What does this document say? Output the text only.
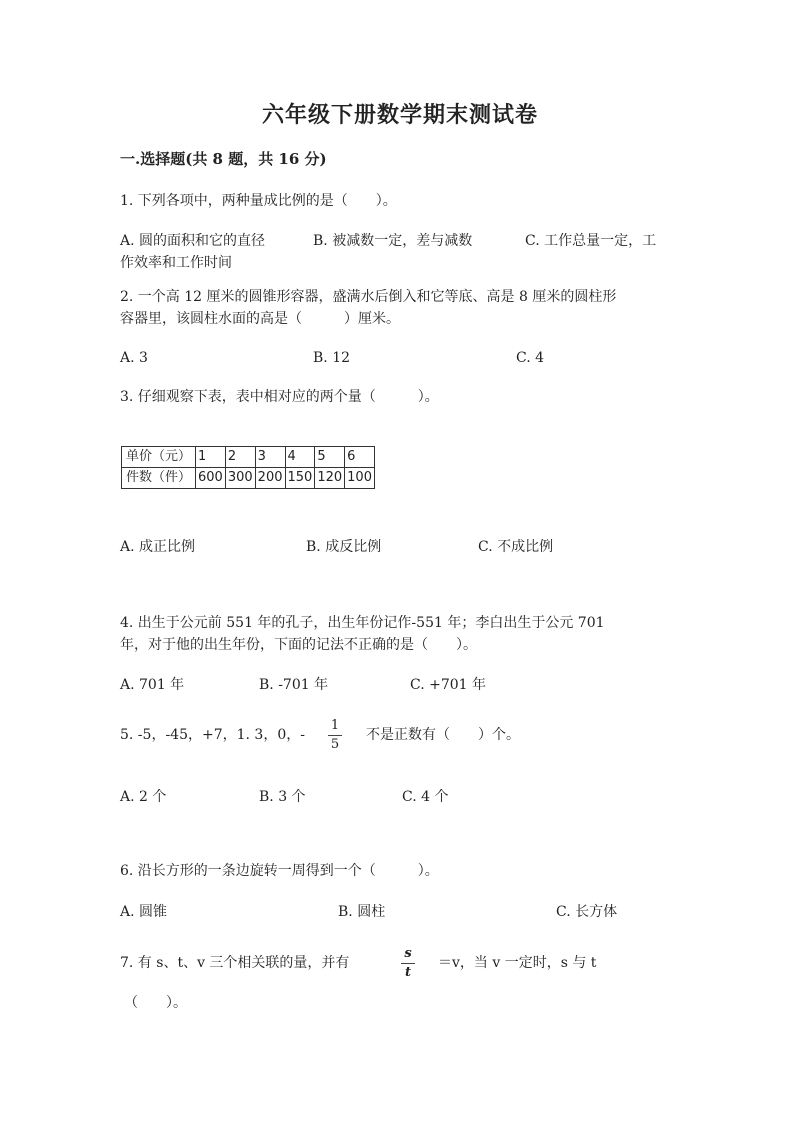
六年级下册数学期末测试卷
一.选择题(共 8 题，共 16 分)
1. 下列各项中，两种量成比例的是（　　）。
A. 圆的面积和它的直径	B. 被减数一定，差与减数	C. 工作总量一定，工
作效率和工作时间
2. 一个高 12 厘米的圆锥形容器，盛满水后倒入和它等底、高是 8 厘米的圆柱形
容器里，该圆柱水面的高是（　　　）厘米。
A. 3	B. 12	C. 4
3. 仔细观察下表，表中相对应的两个量（　　　）。
单价（元）	1	2	3	4	5	6
件数（件）	600	300	200	150	120	100
A. 成正比例	B. 成反比例	C. 不成比例
4. 出生于公元前 551 年的孔子，出生年份记作-551 年；李白出生于公元 701
年，对于他的出生年份，下面的记法不正确的是（　　）。
A. 701 年	B. -701 年	C. +701 年
5. -5，-45，+7，1. 3，0，-
1
5
不是正数有（　　）个。
A. 2 个	B. 3 个	C. 4 个
6. 沿长方形的一条边旋转一周得到一个（　　　）。
A. 圆锥	B. 圆柱	C. 长方体
7. 有 s、t、v 三个相关联的量，并有
s
t
＝v，当 v 一定时，s 与 t
（　　）。
